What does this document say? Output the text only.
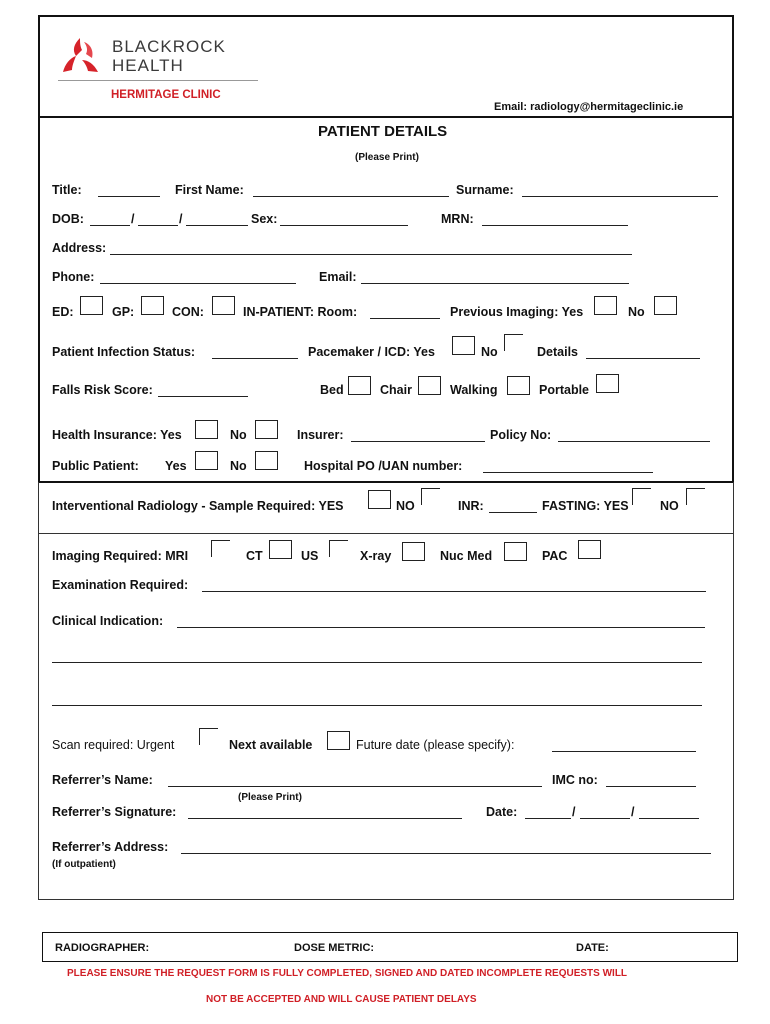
BLACKROCK
HEALTH
HERMITAGE CLINIC
Email: radiology@hermitageclinic.ie
PATIENT DETAILS
(Please Print)
Title:	First Name:	Surname:
DOB:	/	/	Sex:	MRN:
Address:
Phone:	Email:
ED:	GP:	CON:	IN-PATIENT: Room:	Previous Imaging: Yes	No
Patient Infection Status:	Pacemaker / ICD: Yes	No	Details
Falls Risk Score:	Bed	Chair	Walking	Portable
Health Insurance: Yes	No	Insurer:	Policy No:
Public Patient: Yes	No	Hospital PO /UAN number:
Interventional Radiology - Sample Required: YES	NO	INR:	FASTING: YES	NO
Imaging Required: MRI	CT	US	X-ray	Nuc Med	PAC
Examination Required:
Clinical Indication:
Scan required: Urgent	Next available	Future date (please specify):
Referrer’s Name:	IMC no:
(Please Print)
Referrer’s Signature:	Date:	/	/
Referrer’s Address:
(If outpatient)
RADIOGRAPHER:	DOSE METRIC:	DATE:
PLEASE ENSURE THE REQUEST FORM IS FULLY COMPLETED, SIGNED AND DATED INCOMPLETE REQUESTS WILL
NOT BE ACCEPTED AND WILL CAUSE PATIENT DELAYS
